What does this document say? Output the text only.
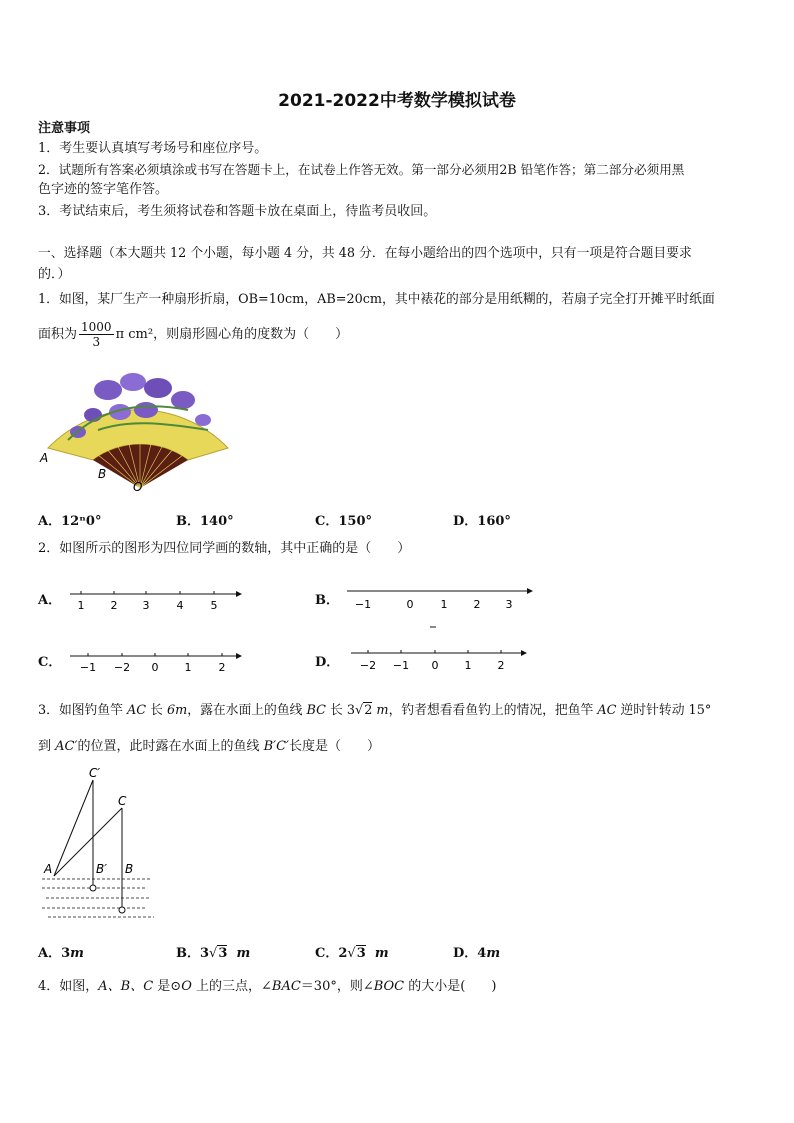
2021-2022中考数学模拟试卷
注意事项
1．考生要认真填写考场号和座位序号。
2．试题所有答案必须填涂或书写在答题卡上，在试卷上作答无效。第一部分必须用2B 铅笔作答；第二部分必须用黑
色字迹的签字笔作答。
3．考试结束后，考生须将试卷和答题卡放在桌面上，待监考员收回。
一、选择题（本大题共 12 个小题，每小题 4 分，共 48 分．在每小题给出的四个选项中，只有一项是符合题目要求
的．）
1．如图，某厂生产一种扇形折扇，OB=10cm，AB=20cm，其中裱花的部分是用纸糊的，若扇子完全打开摊平时纸面
面积为 $\frac{1000}{3}$ π cm²，则扇形圆心角的度数为（　　）
A
B
O
A．12ⁿ0°	B．140°	C．150°	D．160°
2．如图所示的图形为四位同学画的数轴，其中正确的是（　　）
A． 1 2 3 4 5	B． −1	0 1 2 3
C． −1 −2 0 1 2	D． −2 −1 0 1 2
3．如图钓鱼竿 AC 长 6m，露在水面上的鱼线 BC 长 3√2 m，钓者想看看鱼钓上的情况，把鱼竿 AC 逆时针转动 15°
到 AC′的位置，此时露在水面上的鱼线 B′C′长度是（　　）
C′
C
A	B′ B
A．3m	B．3√3 m	C．2√3 m	D．4m
4．如图，A、B、C 是⊙O 上的三点，∠BAC＝30°，则∠BOC 的大小是(　　)
